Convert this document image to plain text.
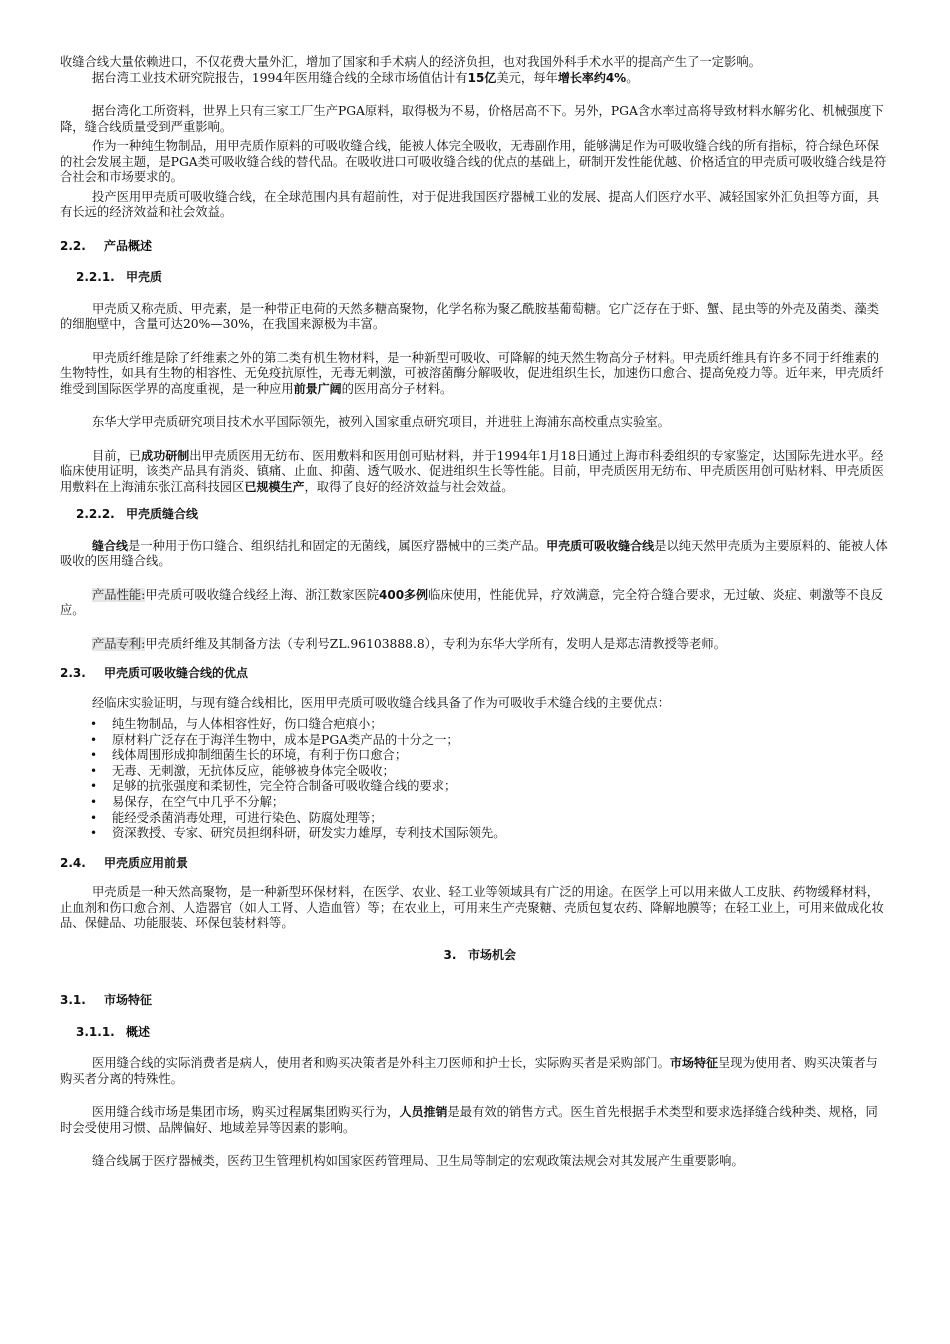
收缝合线大量依赖进口，不仅花费大量外汇，增加了国家和手术病人的经济负担，也对我国外科手术水平的提高产生了一定影响。

据台湾工业技术研究院报告，1994年医用缝合线的全球市场值估计有15亿美元，每年增长率约4%。

据台湾化工所资料，世界上只有三家工厂生产PGA原料，取得极为不易，价格居高不下。另外，PGA含水率过高将导致材料水解劣化、机械强度下降，缝合线质量受到严重影响。

作为一种纯生物制品，用甲壳质作原料的可吸收缝合线，能被人体完全吸收，无毒副作用，能够满足作为可吸收缝合线的所有指标，符合绿色环保的社会发展主题，是PGA类可吸收缝合线的替代品。在吸收进口可吸收缝合线的优点的基础上，研制开发性能优越、价格适宜的甲壳质可吸收缝合线是符合社会和市场要求的。

投产医用甲壳质可吸收缝合线，在全球范围内具有超前性，对于促进我国医疗器械工业的发展、提高人们医疗水平、减轻国家外汇负担等方面，具有长远的经济效益和社会效益。

2.2. 产品概述
2.2.1. 甲壳质

甲壳质又称壳质、甲壳素，是一种带正电荷的天然多糖高聚物，化学名称为聚乙酰胺基葡萄糖。它广泛存在于虾、蟹、昆虫等的外壳及菌类、藻类的细胞壁中，含量可达20%—30%，在我国来源极为丰富。

甲壳质纤维是除了纤维素之外的第二类有机生物材料，是一种新型可吸收、可降解的纯天然生物高分子材料。甲壳质纤维具有许多不同于纤维素的生物特性，如具有生物的相容性、无免疫抗原性，无毒无刺激，可被溶菌酶分解吸收，促进组织生长，加速伤口愈合、提高免疫力等。近年来，甲壳质纤维受到国际医学界的高度重视，是一种应用前景广阔的医用高分子材料。

东华大学甲壳质研究项目技术水平国际领先，被列入国家重点研究项目，并进驻上海浦东高校重点实验室。

目前，已成功研制出甲壳质医用无纺布、医用敷料和医用创可贴材料，并于1994年1月18日通过上海市科委组织的专家鉴定，达国际先进水平。经临床使用证明，该类产品具有消炎、镇痛、止血、抑菌、透气吸水、促进组织生长等性能。目前，甲壳质医用无纺布、甲壳质医用创可贴材料、甲壳质医用敷料在上海浦东张江高科技园区已规模生产，取得了良好的经济效益与社会效益。

2.2.2. 甲壳质缝合线

缝合线是一种用于伤口缝合、组织结扎和固定的无菌线，属医疗器械中的三类产品。甲壳质可吸收缝合线是以纯天然甲壳质为主要原料的、能被人体吸收的医用缝合线。

产品性能:甲壳质可吸收缝合线经上海、浙江数家医院400多例临床使用，性能优异，疗效满意，完全符合缝合要求，无过敏、炎症、刺激等不良反应。

产品专利:甲壳质纤维及其制备方法（专利号ZL.96103888.8），专利为东华大学所有，发明人是郑志清教授等老师。

2.3. 甲壳质可吸收缝合线的优点

经临床实验证明，与现有缝合线相比，医用甲壳质可吸收缝合线具备了作为可吸收手术缝合线的主要优点：

• 纯生物制品，与人体相容性好，伤口缝合疤痕小；
• 原材料广泛存在于海洋生物中，成本是PGA类产品的十分之一；
• 线体周围形成抑制细菌生长的环境，有利于伤口愈合；
• 无毒、无刺激，无抗体反应，能够被身体完全吸收；
• 足够的抗张强度和柔韧性，完全符合制备可吸收缝合线的要求；
• 易保存，在空气中几乎不分解；
• 能经受杀菌消毒处理，可进行染色、防腐处理等；
• 资深教授、专家、研究员担纲科研，研发实力雄厚，专利技术国际领先。
2.4. 甲壳质应用前景

甲壳质是一种天然高聚物，是一种新型环保材料，在医学、农业、轻工业等领域具有广泛的用途。在医学上可以用来做人工皮肤、药物缓释材料，止血剂和伤口愈合剂、人造器官（如人工肾、人造血管）等；在农业上，可用来生产壳聚糖、壳质包复农药、降解地膜等；在轻工业上，可用来做成化妆品、保健品、功能服装、环保包装材料等。

3. 市场机会
3.1. 市场特征
3.1.1. 概述

医用缝合线的实际消费者是病人，使用者和购买决策者是外科主刀医师和护士长，实际购买者是采购部门。市场特征呈现为使用者、购买决策者与购买者分离的特殊性。

医用缝合线市场是集团市场，购买过程属集团购买行为，人员推销是最有效的销售方式。医生首先根据手术类型和要求选择缝合线种类、规格，同时会受使用习惯、品牌偏好、地域差异等因素的影响。

缝合线属于医疗器械类，医药卫生管理机构如国家医药管理局、卫生局等制定的宏观政策法规会对其发展产生重要影响。
